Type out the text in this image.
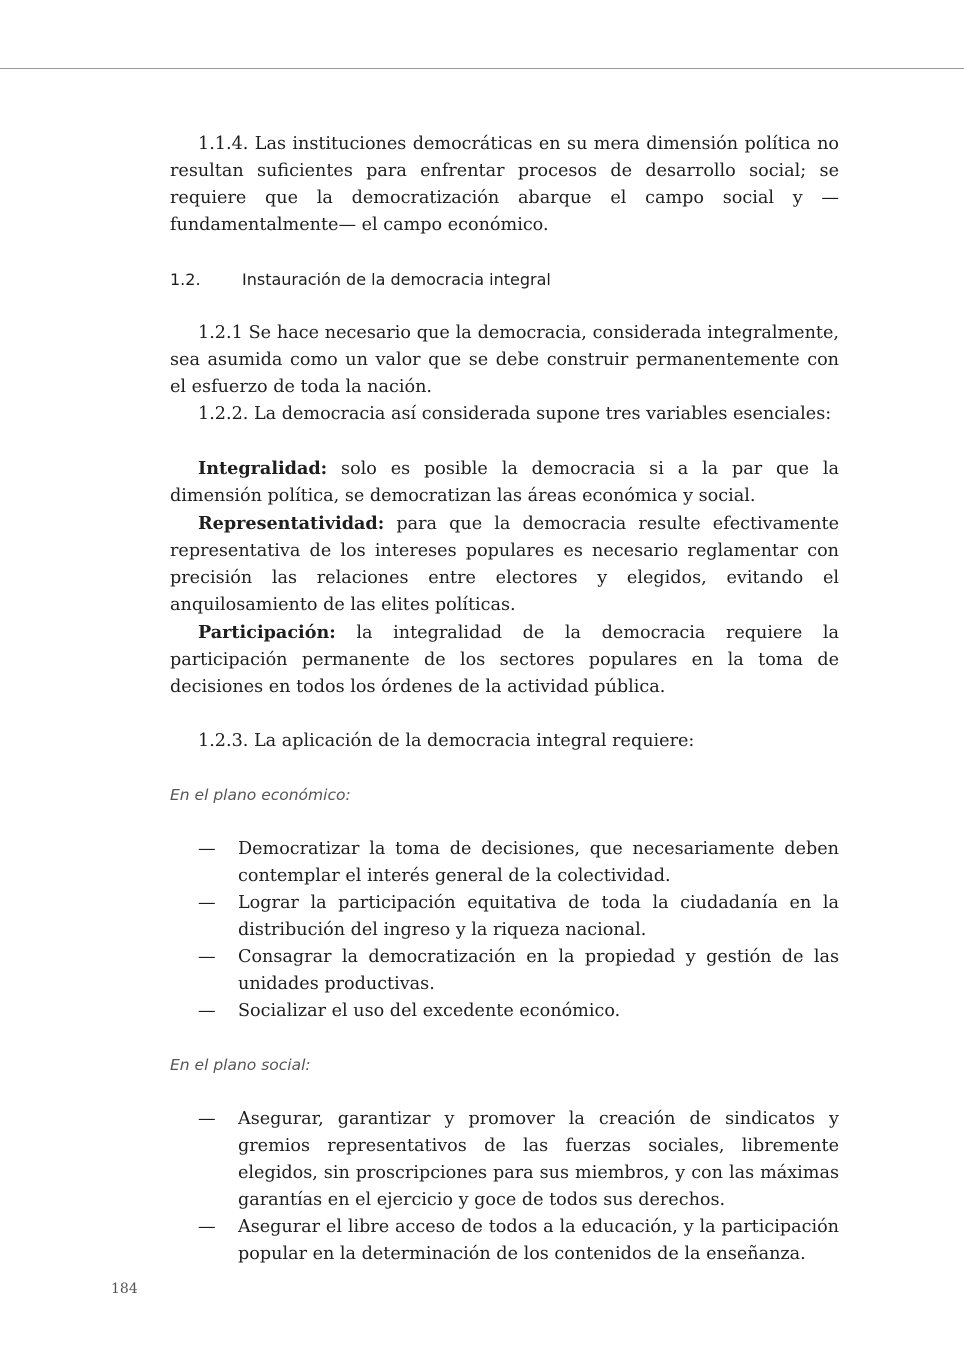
1.1.4. Las instituciones democráticas en su mera dimensión política no resultan suficientes para enfrentar procesos de desarrollo social; se requiere que la democratización abarque el campo social y —fundamentalmente— el campo económico.

1.2.	Instauración de la democracia integral

1.2.1 Se hace necesario que la democracia, considerada integralmente, sea asumida como un valor que se debe construir permanentemente con el esfuerzo de toda la nación.

1.2.2. La democracia así considerada supone tres variables esenciales:

Integralidad: solo es posible la democracia si a la par que la dimensión política, se democratizan las áreas económica y social.

Representatividad: para que la democracia resulte efectivamente representativa de los intereses populares es necesario reglamentar con precisión las relaciones entre electores y elegidos, evitando el anquilosamiento de las elites políticas.

Participación: la integralidad de la democracia requiere la participación permanente de los sectores populares en la toma de decisiones en todos los órdenes de la actividad pública.

1.2.3. La aplicación de la democracia integral requiere:

En el plano económico:

— Democratizar la toma de decisiones, que necesariamente deben contemplar el interés general de la colectividad.
— Lograr la participación equitativa de toda la ciudadanía en la distribución del ingreso y la riqueza nacional.
— Consagrar la democratización en la propiedad y gestión de las unidades productivas.
— Socializar el uso del excedente económico.

En el plano social:

— Asegurar, garantizar y promover la creación de sindicatos y gremios representativos de las fuerzas sociales, libremente elegidos, sin proscripciones para sus miembros, y con las máximas garantías en el ejercicio y goce de todos sus derechos.
— Asegurar el libre acceso de todos a la educación, y la participación popular en la determinación de los contenidos de la enseñanza.
184
